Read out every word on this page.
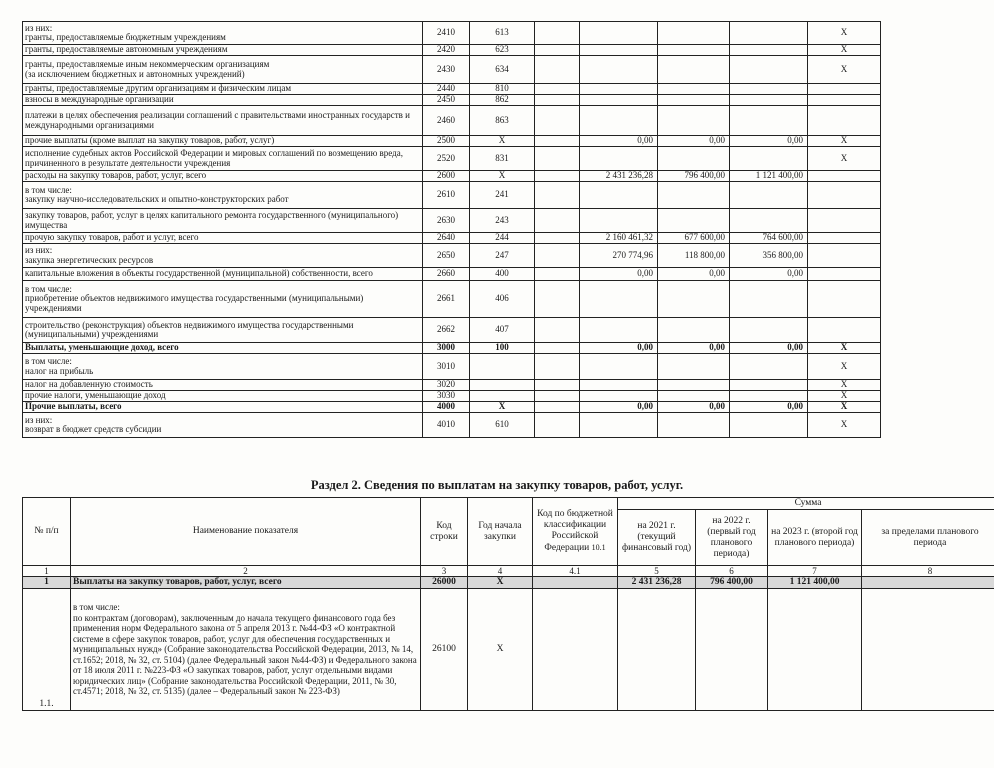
из них:
гранты, предоставляемые бюджетным учреждениям	2410	613					X
гранты, предоставляемые автономным учреждениям	2420	623					X
гранты, предоставляемые иным некоммерческим организациям
(за исключением бюджетных и автономных учреждений)	2430	634					X
гранты, предоставляемые другим организациям и физическим лицам	2440	810					
взносы в международные организации	2450	862					
платежи в целях обеспечения реализации соглашений с правительствами иностранных государств и международными организациями	2460	863					
прочие выплаты (кроме выплат на закупку товаров, работ, услуг)	2500	X		0,00	0,00	0,00	X
исполнение судебных актов Российской Федерации и мировых соглашений по возмещению вреда, причиненного в результате деятельности учреждения	2520	831					X
расходы на закупку товаров, работ, услуг, всего	2600	X		2 431 236,28	796 400,00	1 121 400,00	
в том числе:
закупку научно-исследовательских и опытно-конструкторских работ	2610	241					
закупку товаров, работ, услуг в целях капитального ремонта государственного (муниципального) имущества	2630	243					
прочую закупку товаров, работ и услуг, всего	2640	244		2 160 461,32	677 600,00	764 600,00	
из них:
закупка энергетических ресурсов	2650	247		270 774,96	118 800,00	356 800,00	
капитальные вложения в объекты государственной (муниципальной) собственности, всего	2660	400		0,00	0,00	0,00	
в том числе:
приобретение объектов недвижимого имущества государственными (муниципальными) учреждениями	2661	406					
строительство (реконструкция) объектов недвижимого имущества государственными (муниципальными) учреждениями	2662	407					
Выплаты, уменьшающие доход, всего	3000	100		0,00	0,00	0,00	X
в том числе:
налог на прибыль	3010						X
налог на добавленную стоимость	3020						X
прочие налоги, уменьшающие доход	3030						X
Прочие выплаты, всего	4000	X		0,00	0,00	0,00	X
из них:
возврат в бюджет средств субсидии	4010	610					X
Раздел 2. Сведения по выплатам на закупку товаров, работ, услуг.
№ п/п	Наименование показателя	Код строки	Год начала закупки	Код по бюджетной классификации Российской Федерации 10.1	Сумма			
					на 2021 г. (текущий финансовый год)	на 2022 г. (первый год планового периода)	на 2023 г. (второй год планового периода)	за пределами планового периода
1	2	3	4	4.1	5	6	7	8
1	Выплаты на закупку товаров, работ, услуг, всего	26000	X		2 431 236,28	796 400,00	1 121 400,00	
1.1.	в том числе:
по контрактам (договорам), заключенным до начала текущего финансового года без применения норм Федерального закона от 5 апреля 2013 г. №44-ФЗ «О контрактной системе в сфере закупок товаров, работ, услуг для обеспечения государственных и муниципальных нужд» (Собрание законодательства Российской Федерации, 2013, № 14, ст.1652; 2018, № 32, ст. 5104) (далее Федеральный закон №44-ФЗ) и Федерального закона от 18 июля 2011 г. №223-ФЗ «О закупках товаров, работ, услуг отдельными видами юридических лиц» (Собрание законодательства Российской Федерации, 2011, № 30, ст.4571; 2018, № 32, ст. 5135) (далее – Федеральный закон № 223-ФЗ)	26100	X					
